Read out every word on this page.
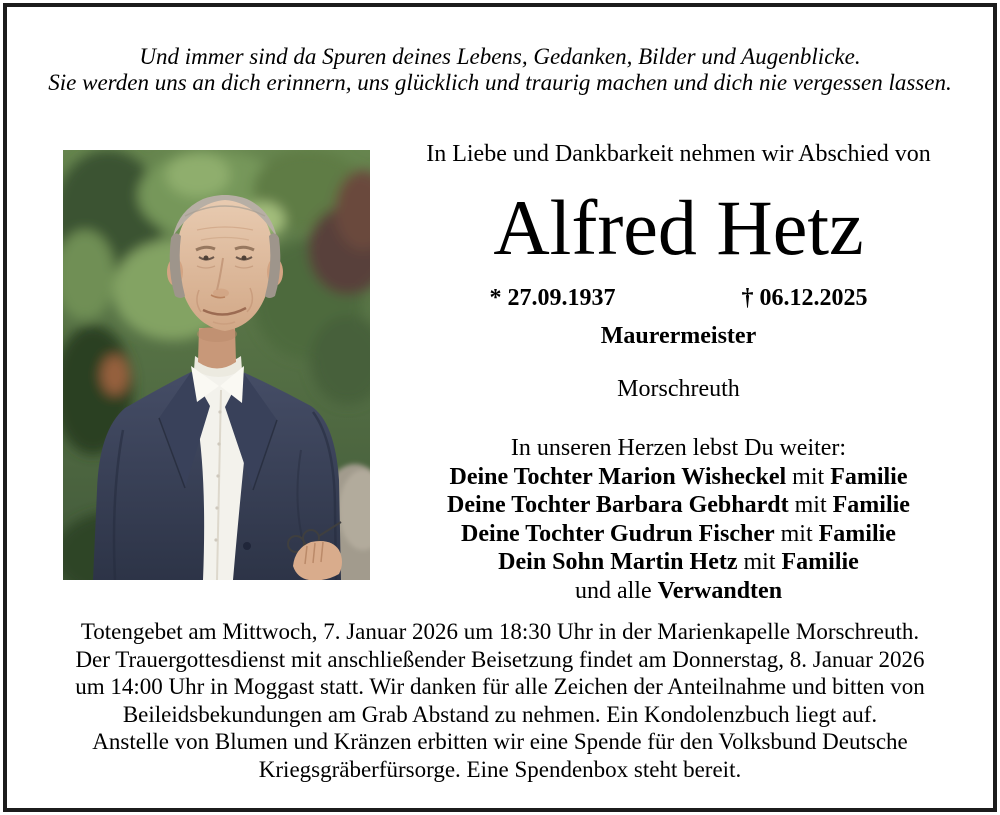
Und immer sind da Spuren deines Lebens, Gedanken, Bilder und Augenblicke.
Sie werden uns an dich erinnern, uns glücklich und traurig machen und dich nie vergessen lassen.
In Liebe und Dankbarkeit nehmen wir Abschied von
Alfred Hetz
* 27.09.1937	† 06.12.2025
Maurermeister
Morschreuth
In unseren Herzen lebst Du weiter:
Deine Tochter Marion Wisheckel mit Familie
Deine Tochter Barbara Gebhardt mit Familie
Deine Tochter Gudrun Fischer mit Familie
Dein Sohn Martin Hetz mit Familie
und alle Verwandten
Totengebet am Mittwoch, 7. Januar 2026 um 18:30 Uhr in der Marienkapelle Morschreuth.
Der Trauergottesdienst mit anschließender Beisetzung findet am Donnerstag, 8. Januar 2026
um 14:00 Uhr in Moggast statt. Wir danken für alle Zeichen der Anteilnahme und bitten von
Beileidsbekundungen am Grab Abstand zu nehmen. Ein Kondolenzbuch liegt auf.
Anstelle von Blumen und Kränzen erbitten wir eine Spende für den Volksbund Deutsche
Kriegsgräberfürsorge. Eine Spendenbox steht bereit.
